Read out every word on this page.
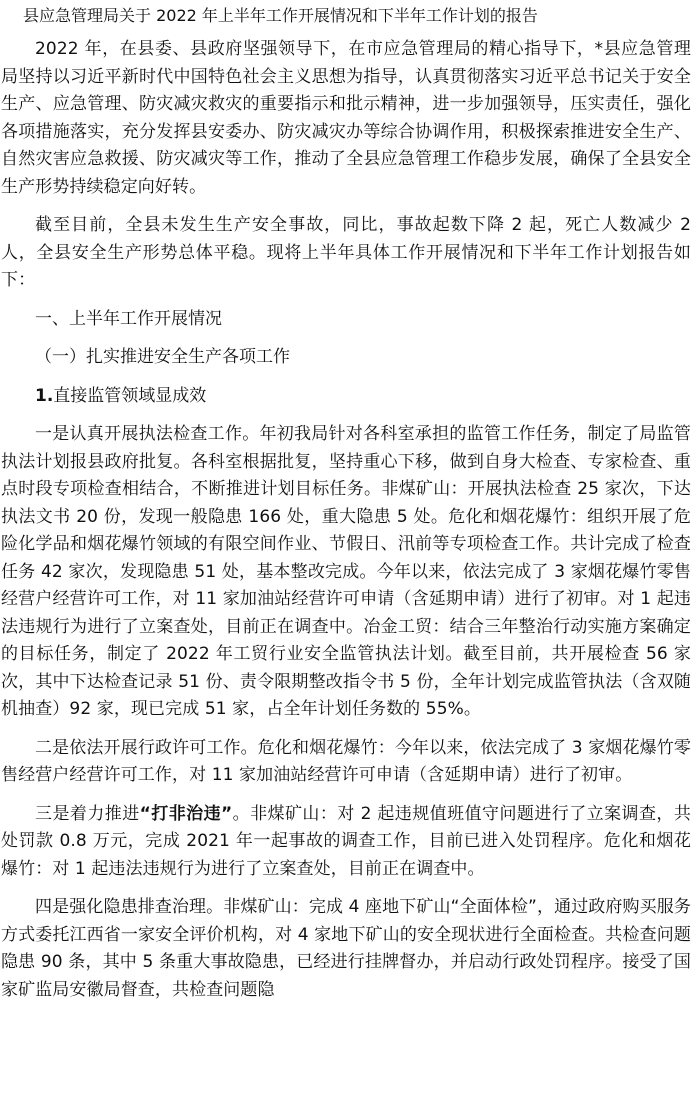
县应急管理局关于 2022 年上半年工作开展情况和下半年工作计划的报告

2022 年，在县委、县政府坚强领导下，在市应急管理局的精心指导下，*县应急管理局坚持以习近平新时代中国特色社会主义思想为指导，认真贯彻落实习近平总书记关于安全生产、应急管理、防灾减灾救灾的重要指示和批示精神，进一步加强领导，压实责任，强化各项措施落实，充分发挥县安委办、防灾减灾办等综合协调作用，积极探索推进安全生产、自然灾害应急救援、防灾减灾等工作，推动了全县应急管理工作稳步发展，确保了全县安全生产形势持续稳定向好转。

截至目前，全县未发生生产安全事故，同比，事故起数下降 2 起，死亡人数减少 2 人，全县安全生产形势总体平稳。现将上半年具体工作开展情况和下半年工作计划报告如下：

一、上半年工作开展情况

（一）扎实推进安全生产各项工作

1.直接监管领域显成效

一是认真开展执法检查工作。年初我局针对各科室承担的监管工作任务，制定了局监管执法计划报县政府批复。各科室根据批复，坚持重心下移，做到自身大检查、专家检查、重点时段专项检查相结合，不断推进计划目标任务。非煤矿山：开展执法检查 25 家次，下达执法文书 20 份，发现一般隐患 166 处，重大隐患 5 处。危化和烟花爆竹：组织开展了危险化学品和烟花爆竹领域的有限空间作业、节假日、汛前等专项检查工作。共计完成了检查任务 42 家次，发现隐患 51 处，基本整改完成。今年以来，依法完成了 3 家烟花爆竹零售经营户经营许可工作，对 11 家加油站经营许可申请（含延期申请）进行了初审。对 1 起违法违规行为进行了立案查处，目前正在调查中。冶金工贸：结合三年整治行动实施方案确定的目标任务，制定了 2022 年工贸行业安全监管执法计划。截至目前，共开展检查 56 家次，其中下达检查记录 51 份、责令限期整改指令书 5 份，全年计划完成监管执法（含双随机抽查）92 家，现已完成 51 家，占全年计划任务数的 55%。

二是依法开展行政许可工作。危化和烟花爆竹：今年以来，依法完成了 3 家烟花爆竹零售经营户经营许可工作，对 11 家加油站经营许可申请（含延期申请）进行了初审。

三是着力推进“打非治违”。非煤矿山：对 2 起违规值班值守问题进行了立案调查，共处罚款 0.8 万元，完成 2021 年一起事故的调查工作，目前已进入处罚程序。危化和烟花爆竹：对 1 起违法违规行为进行了立案查处，目前正在调查中。

四是强化隐患排查治理。非煤矿山：完成 4 座地下矿山“全面体检”，通过政府购买服务方式委托江西省一家安全评价机构，对 4 家地下矿山的安全现状进行全面检查。共检查问题隐患 90 条，其中 5 条重大事故隐患，已经进行挂牌督办，并启动行政处罚程序。接受了国家矿监局安徽局督查，共检查问题隐
